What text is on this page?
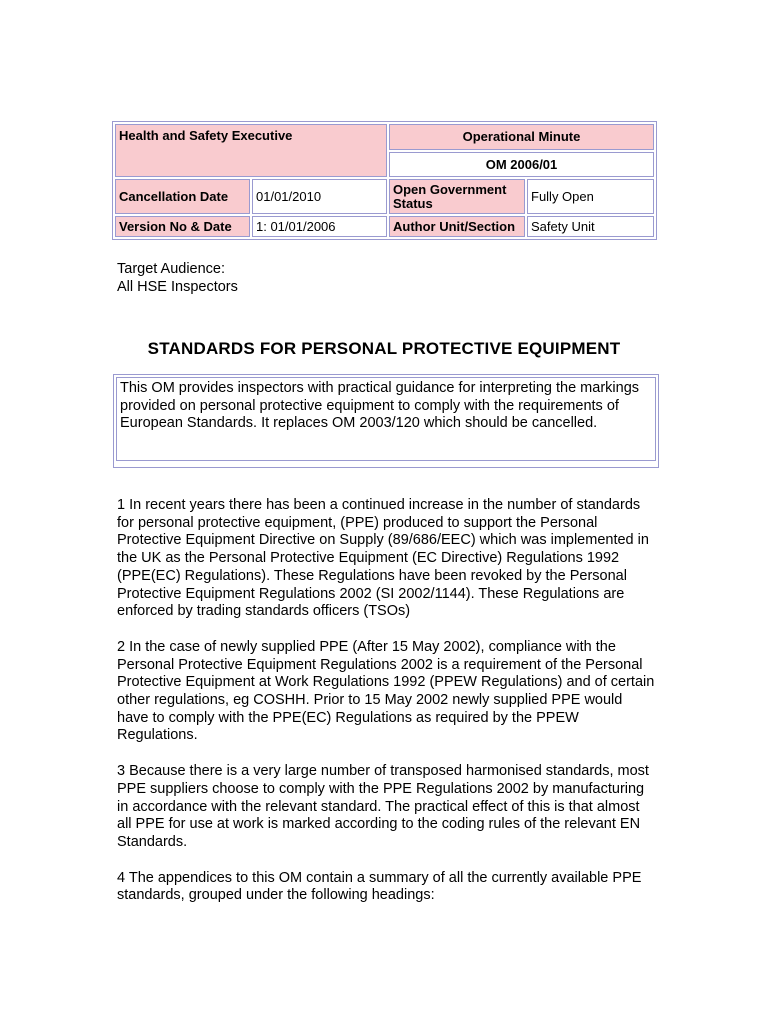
Health and Safety Executive		Operational Minute	
		OM 2006/01	
Cancellation Date	01/01/2010	Open Government Status	Fully Open
Version No & Date	1: 01/01/2006	Author Unit/Section	Safety Unit
Target Audience:
All HSE Inspectors
STANDARDS FOR PERSONAL PROTECTIVE EQUIPMENT
This OM provides inspectors with practical guidance for interpreting the markings provided on personal protective equipment to comply with the requirements of European Standards. It replaces OM 2003/120 which should be cancelled.

1 In recent years there has been a continued increase in the number of standards for personal protective equipment, (PPE) produced to support the Personal Protective Equipment Directive on Supply (89/686/EEC) which was implemented in the UK as the Personal Protective Equipment (EC Directive) Regulations 1992 (PPE(EC) Regulations). These Regulations have been revoked by the Personal Protective Equipment Regulations 2002 (SI 2002/1144). These Regulations are enforced by trading standards officers (TSOs)

2 In the case of newly supplied PPE (After 15 May 2002), compliance with the Personal Protective Equipment Regulations 2002 is a requirement of the Personal Protective Equipment at Work Regulations 1992 (PPEW Regulations) and of certain other regulations, eg COSHH. Prior to 15 May 2002 newly supplied PPE would have to comply with the PPE(EC) Regulations as required by the PPEW Regulations.

3 Because there is a very large number of transposed harmonised standards, most PPE suppliers choose to comply with the PPE Regulations 2002 by manufacturing in accordance with the relevant standard. The practical effect of this is that almost all PPE for use at work is marked according to the coding rules of the relevant EN Standards.

4 The appendices to this OM contain a summary of all the currently available PPE standards, grouped under the following headings:
